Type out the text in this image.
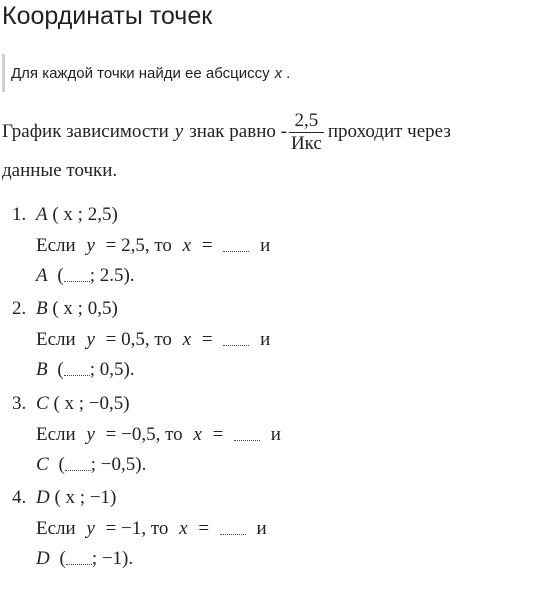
Координаты точек
Для каждой точки найди ее абсциссу x .
График зависимости y знак равно - $\frac{2,5}{\text{Икс}}$ проходит через
данные точки.
1. A ( x ; 2,5)
Если y = 2,5, то x =	и
A ( ; 2.5).
2. B ( x ; 0,5)
Если y = 0,5, то x =	и
B ( ; 0,5).
3. C ( x ; −0,5)
Если y = −0,5, то x =	и
C ( ; −0,5).
4. D ( x ; −1)
Если y = −1, то x =	и
D ( ; −1).
